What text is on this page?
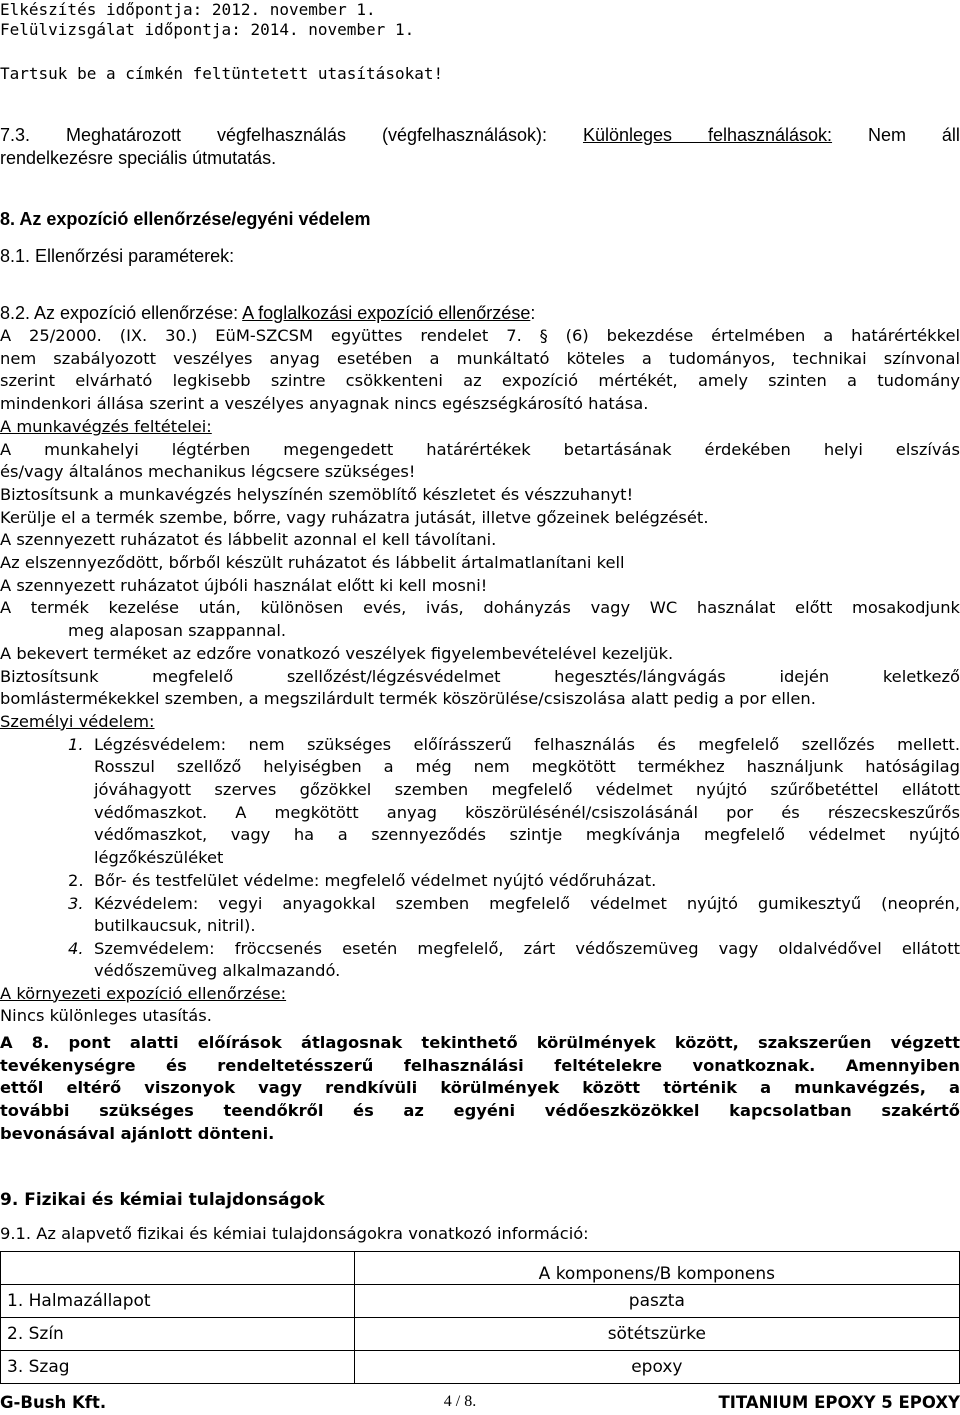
Elkészítés időpontja: 2012. november 1.
Felülvizsgálat időpontja: 2014. november 1.
Tartsuk be a címkén feltüntetett utasításokat!
7.3. Meghatározott végfelhasználás (végfelhasználások): Különleges felhasználások: Nem áll
rendelkezésre speciális útmutatás.
8. Az expozíció ellenőrzése/egyéni védelem
8.1. Ellenőrzési paraméterek:
8.2. Az expozíció ellenőrzése: A foglalkozási expozíció ellenőrzése:
A 25/2000. (IX. 30.) EüM-SZCSM együttes rendelet 7. § (6) bekezdése értelmében a határértékkel
nem szabályozott veszélyes anyag esetében a munkáltató köteles a tudományos, technikai színvonal
szerint elvárható legkisebb szintre csökkenteni az expozíció mértékét, amely szinten a tudomány
mindenkori állása szerint a veszélyes anyagnak nincs egészségkárosító hatása.
A munkavégzés feltételei:
A munkahelyi légtérben megengedett határértékek betartásának érdekében helyi elszívás
és/vagy általános mechanikus légcsere szükséges!
Biztosítsunk a munkavégzés helyszínén szemöblítő készletet és vészzuhanyt!
Kerülje el a termék szembe, bőrre, vagy ruházatra jutását, illetve gőzeinek belégzését.
A szennyezett ruházatot és lábbelit azonnal el kell távolítani.
Az elszennyeződött, bőrből készült ruházatot és lábbelit ártalmatlanítani kell
A szennyezett ruházatot újbóli használat előtt ki kell mosni!
A termék kezelése után, különösen evés, ivás, dohányzás vagy WC használat előtt mosakodjunk
meg alaposan szappannal.
A bekevert terméket az edzőre vonatkozó veszélyek figyelembevételével kezeljük.
Biztosítsunk megfelelő szellőzést/légzésvédelmet hegesztés/lángvágás idején keletkező
bomlástermékekkel szemben, a megszilárdult termék köszörülése/csiszolása alatt pedig a por ellen.
Személyi védelem:
1. Légzésvédelem: nem szükséges előírásszerű felhasználás és megfelelő szellőzés mellett.
Rosszul szellőző helyiségben a még nem megkötött termékhez használjunk hatóságilag
jóváhagyott szerves gőzökkel szemben megfelelő védelmet nyújtó szűrőbetéttel ellátott
védőmaszkot. A megkötött anyag köszörülésénél/csiszolásánál por és részecskeszűrős
védőmaszkot, vagy ha a szennyeződés szintje megkívánja megfelelő védelmet nyújtó
légzőkészüléket
2. Bőr- és testfelület védelme: megfelelő védelmet nyújtó védőruházat.
3. Kézvédelem: vegyi anyagokkal szemben megfelelő védelmet nyújtó gumikesztyű (neoprén,
butilkaucsuk, nitril).
4. Szemvédelem: fröccsenés esetén megfelelő, zárt védőszemüveg vagy oldalvédővel ellátott
védőszemüveg alkalmazandó.
A környezeti expozíció ellenőrzése:
Nincs különleges utasítás.
A 8. pont alatti előírások átlagosnak tekinthető körülmények között, szakszerűen végzett
tevékenységre és rendeltetésszerű felhasználási feltételekre vonatkoznak. Amennyiben
ettől eltérő viszonyok vagy rendkívüli körülmények között történik a munkavégzés, a
további szükséges teendőkről és az egyéni védőeszközökkel kapcsolatban szakértő
bevonásával ajánlott dönteni.
9. Fizikai és kémiai tulajdonságok
9.1. Az alapvető fizikai és kémiai tulajdonságokra vonatkozó információ:
	A komponens/B komponens
1. Halmazállapot	paszta
2. Szín	sötétszürke
3. Szag	epoxy
G-Bush Kft.	4 / 8.	TITANIUM EPOXY 5 EPOXY
